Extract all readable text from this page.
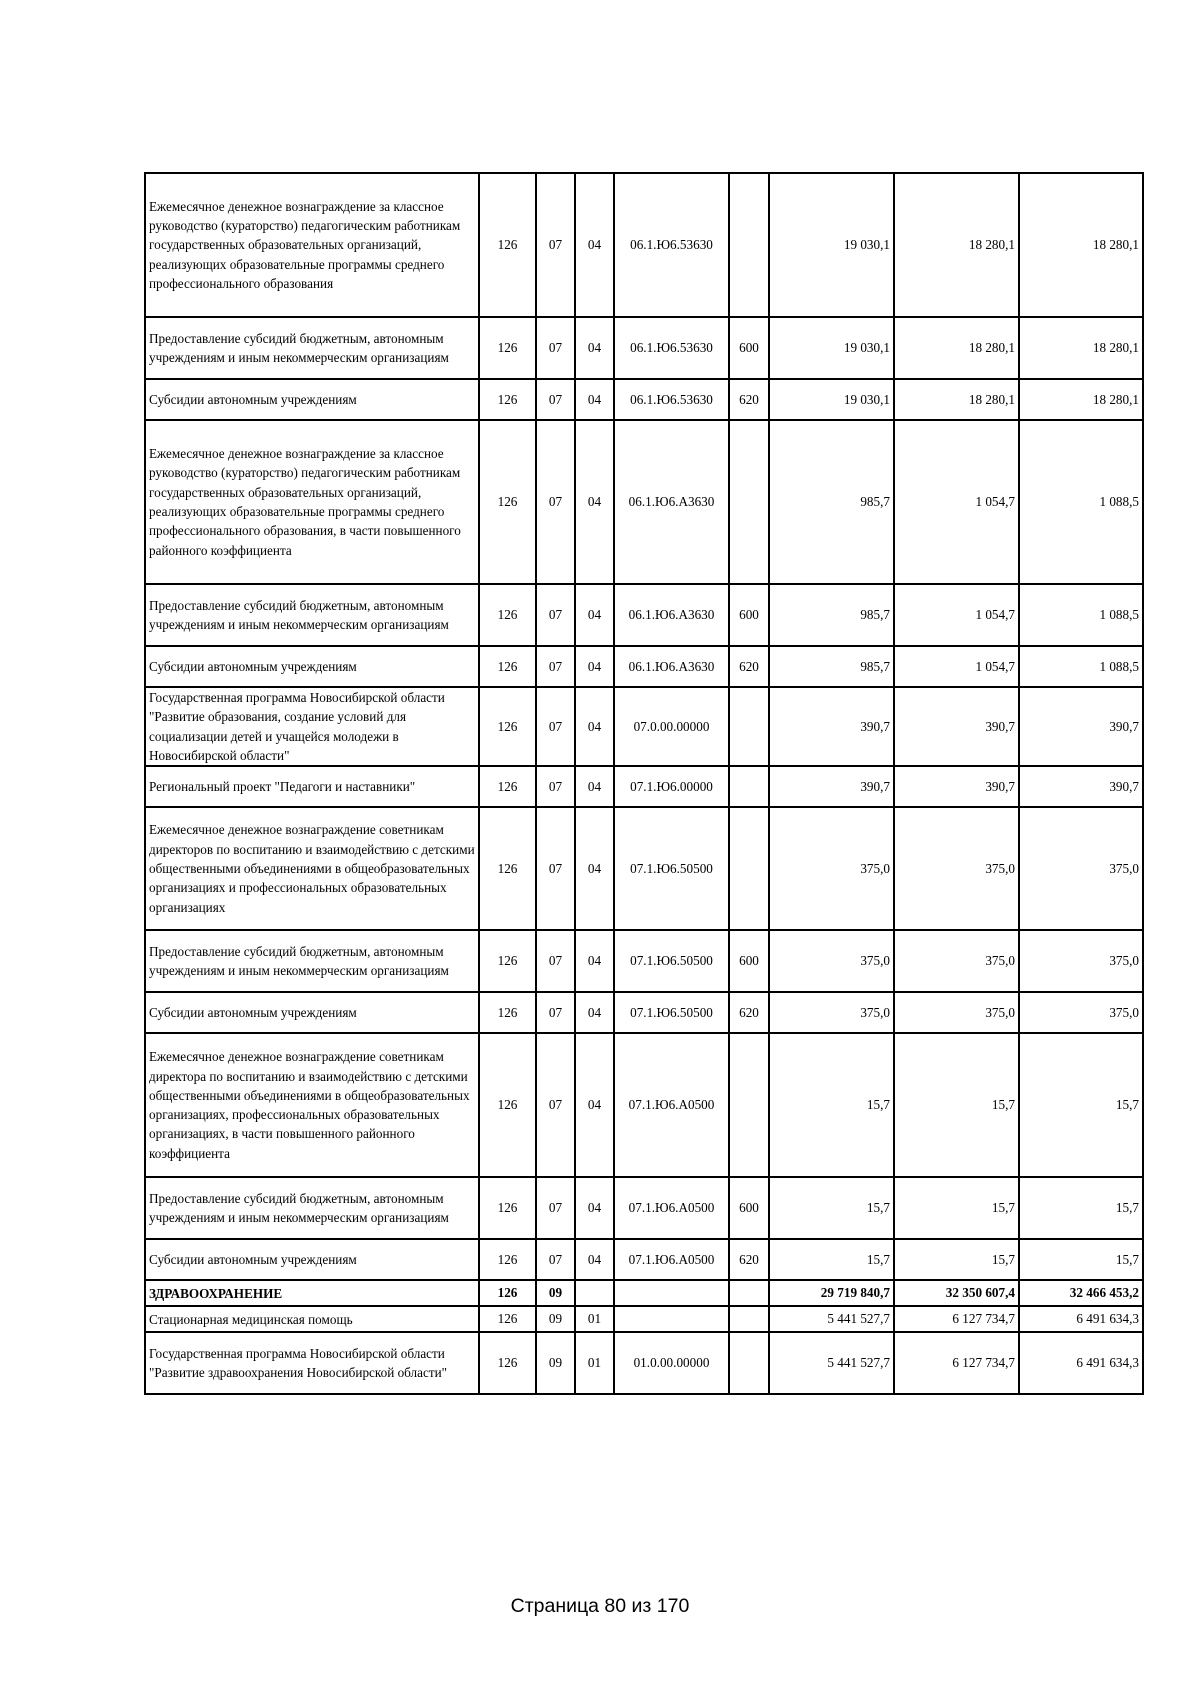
Ежемесячное денежное вознаграждение за классное руководство (кураторство) педагогическим работникам государственных образовательных организаций, реализующих образовательные программы среднего профессионального образования	126	07	04	06.1.Ю6.53630		19 030,1	18 280,1	18 280,1
Предоставление субсидий бюджетным, автономным учреждениям и иным некоммерческим организациям	126	07	04	06.1.Ю6.53630	600	19 030,1	18 280,1	18 280,1
Субсидии автономным учреждениям	126	07	04	06.1.Ю6.53630	620	19 030,1	18 280,1	18 280,1
Ежемесячное денежное вознаграждение за классное руководство (кураторство) педагогическим работникам государственных образовательных организаций, реализующих образовательные программы среднего профессионального образования, в части повышенного районного коэффициента	126	07	04	06.1.Ю6.А3630		985,7	1 054,7	1 088,5
Предоставление субсидий бюджетным, автономным учреждениям и иным некоммерческим организациям	126	07	04	06.1.Ю6.А3630	600	985,7	1 054,7	1 088,5
Субсидии автономным учреждениям	126	07	04	06.1.Ю6.А3630	620	985,7	1 054,7	1 088,5
Государственная программа Новосибирской области "Развитие образования, создание условий для социализации детей и учащейся молодежи в Новосибирской области"	126	07	04	07.0.00.00000		390,7	390,7	390,7
Региональный проект "Педагоги и наставники"	126	07	04	07.1.Ю6.00000		390,7	390,7	390,7
Ежемесячное денежное вознаграждение советникам директоров по воспитанию и взаимодействию с детскими общественными объединениями в общеобразовательных организациях и профессиональных образовательных организациях	126	07	04	07.1.Ю6.50500		375,0	375,0	375,0
Предоставление субсидий бюджетным, автономным учреждениям и иным некоммерческим организациям	126	07	04	07.1.Ю6.50500	600	375,0	375,0	375,0
Субсидии автономным учреждениям	126	07	04	07.1.Ю6.50500	620	375,0	375,0	375,0
Ежемесячное денежное вознаграждение советникам директора по воспитанию и взаимодействию с детскими общественными объединениями в общеобразовательных организациях, профессиональных образовательных организациях, в части повышенного районного коэффициента	126	07	04	07.1.Ю6.А0500		15,7	15,7	15,7
Предоставление субсидий бюджетным, автономным учреждениям и иным некоммерческим организациям	126	07	04	07.1.Ю6.А0500	600	15,7	15,7	15,7
Субсидии автономным учреждениям	126	07	04	07.1.Ю6.А0500	620	15,7	15,7	15,7
ЗДРАВООХРАНЕНИЕ	126	09				29 719 840,7	32 350 607,4	32 466 453,2
Стационарная медицинская помощь	126	09	01			5 441 527,7	6 127 734,7	6 491 634,3
Государственная программа Новосибирской области "Развитие здравоохранения Новосибирской области"	126	09	01	01.0.00.00000		5 441 527,7	6 127 734,7	6 491 634,3
Страница 80 из 170
